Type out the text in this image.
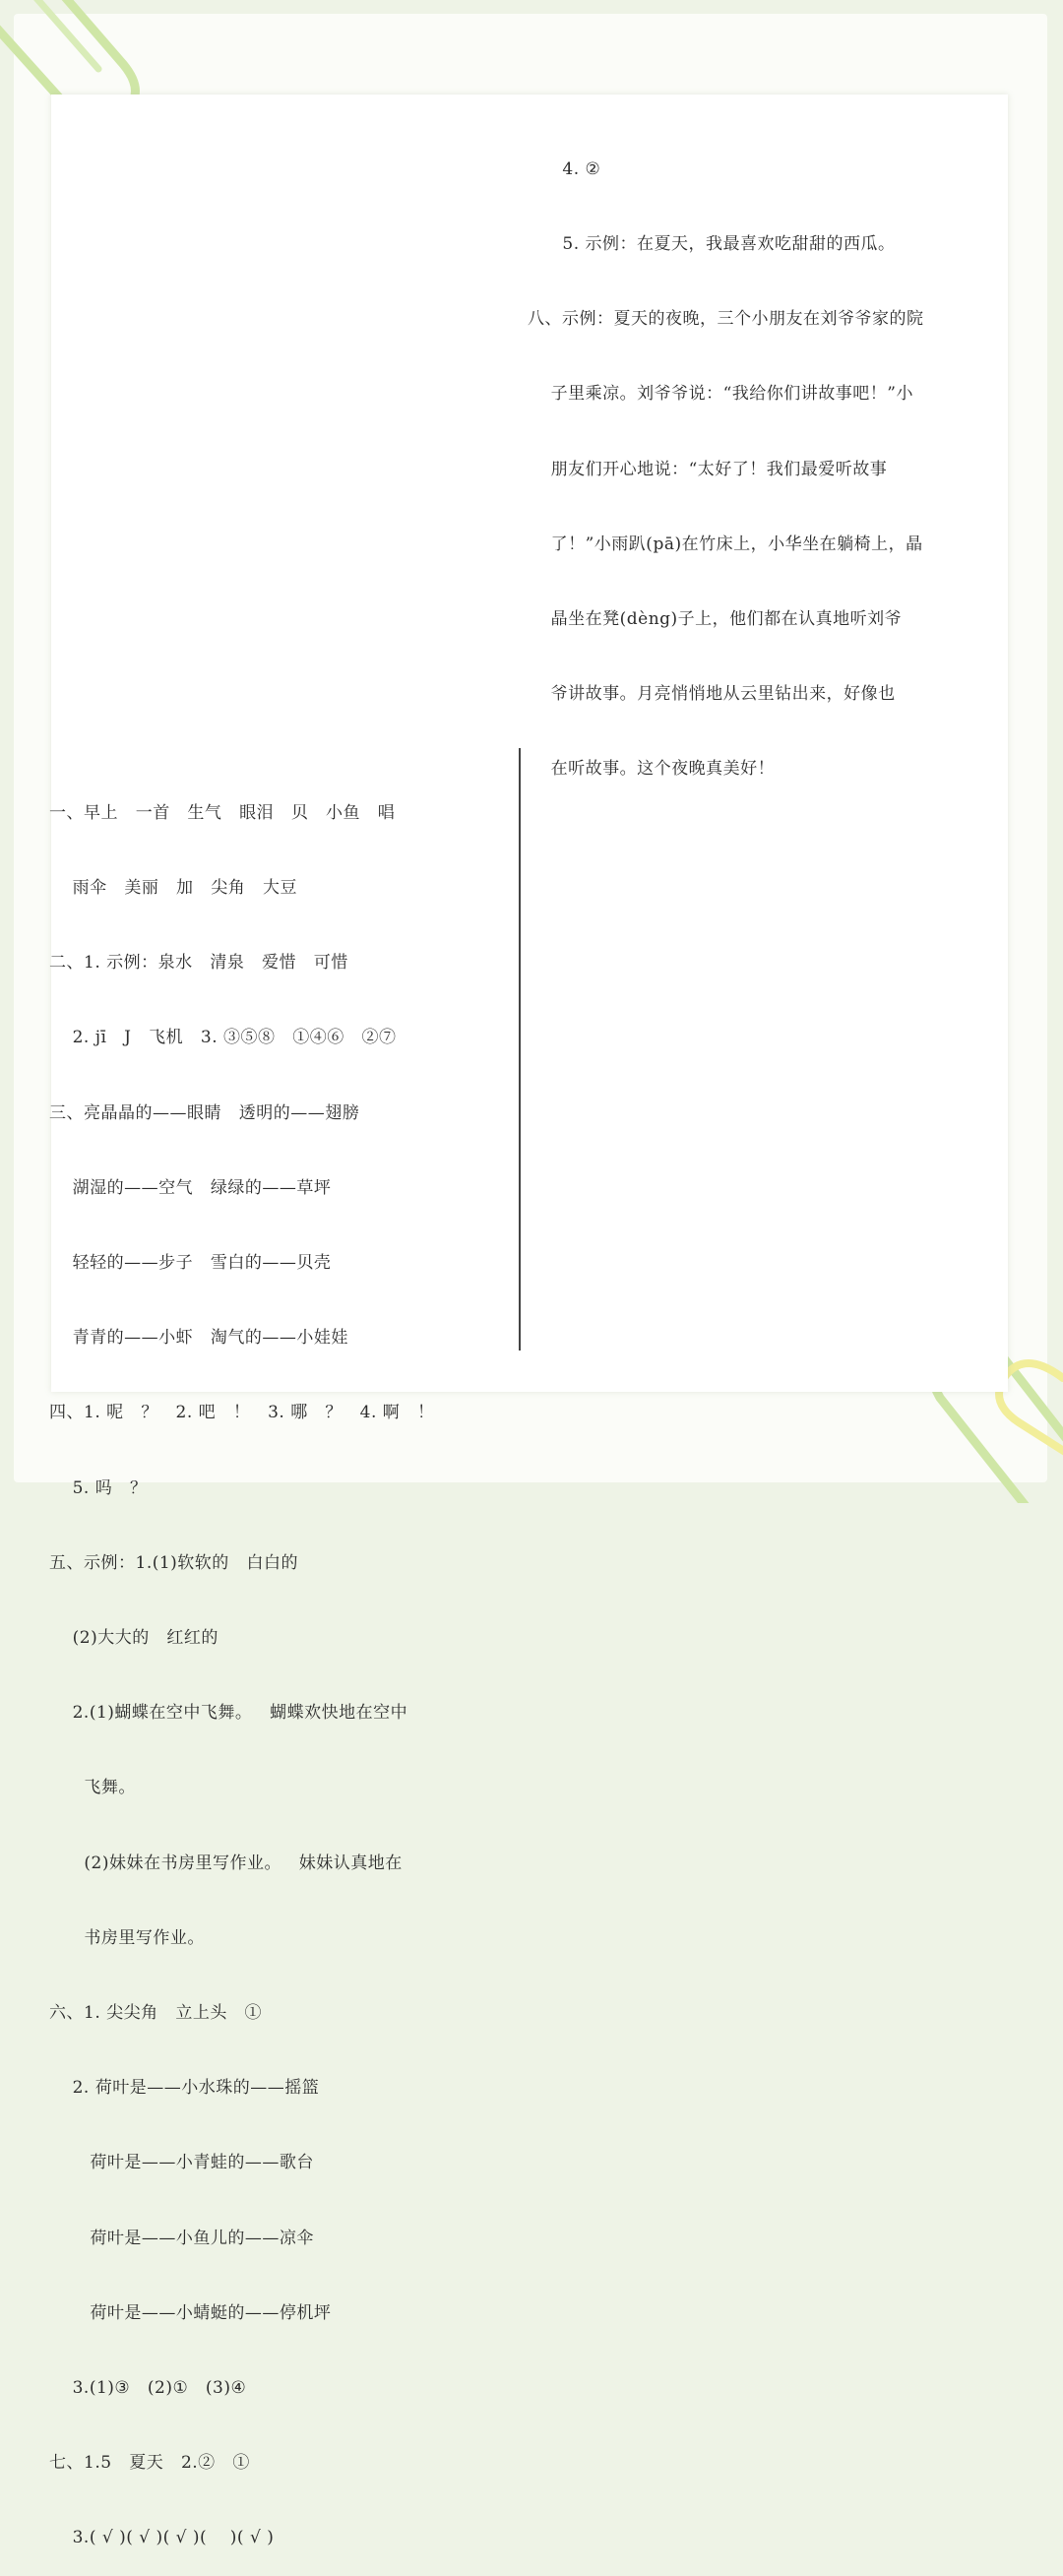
4. ②

5. 示例：在夏天，我最喜欢吃甜甜的西瓜。

八、示例：夏天的夜晚，三个小朋友在刘爷爷家的院

子里乘凉。刘爷爷说：“我给你们讲故事吧！”小

朋友们开心地说：“太好了！我们最爱听故事

了！”小雨趴(pā)在竹床上，小华坐在躺椅上，晶

晶坐在凳(dèng)子上，他们都在认真地听刘爷

爷讲故事。月亮悄悄地从云里钻出来，好像也

在听故事。这个夜晚真美好！

一、早上   一首   生气   眼泪   贝   小鱼   唱

雨伞   美丽   加   尖角   大豆

二、1. 示例：泉水   清泉   爱惜   可惜

2. jī   J   飞机   3. ③⑤⑧   ①④⑥   ②⑦

三、亮晶晶的——眼睛   透明的——翅膀

湖湿的——空气   绿绿的——草坪

轻轻的——步子   雪白的——贝壳

青青的——小虾   淘气的——小娃娃

四、1. 呢   ？   2. 吧   ！   3. 哪   ？   4. 啊   ！

5. 吗   ？

五、示例：1.(1)软软的   白白的

(2)大大的   红红的

2.(1)蝴蝶在空中飞舞。   蝴蝶欢快地在空中

飞舞。

(2)妹妹在书房里写作业。   妹妹认真地在

书房里写作业。

六、1. 尖尖角   立上头   ①

2. 荷叶是——小水珠的——摇篮

荷叶是——小青蛙的——歌台

荷叶是——小鱼儿的——凉伞

荷叶是——小蜻蜓的——停机坪

3.(1)③   (2)①   (3)④

七、1.5   夏天   2.②   ①

3.( √ )( √ )( √ )(    )( √ )
